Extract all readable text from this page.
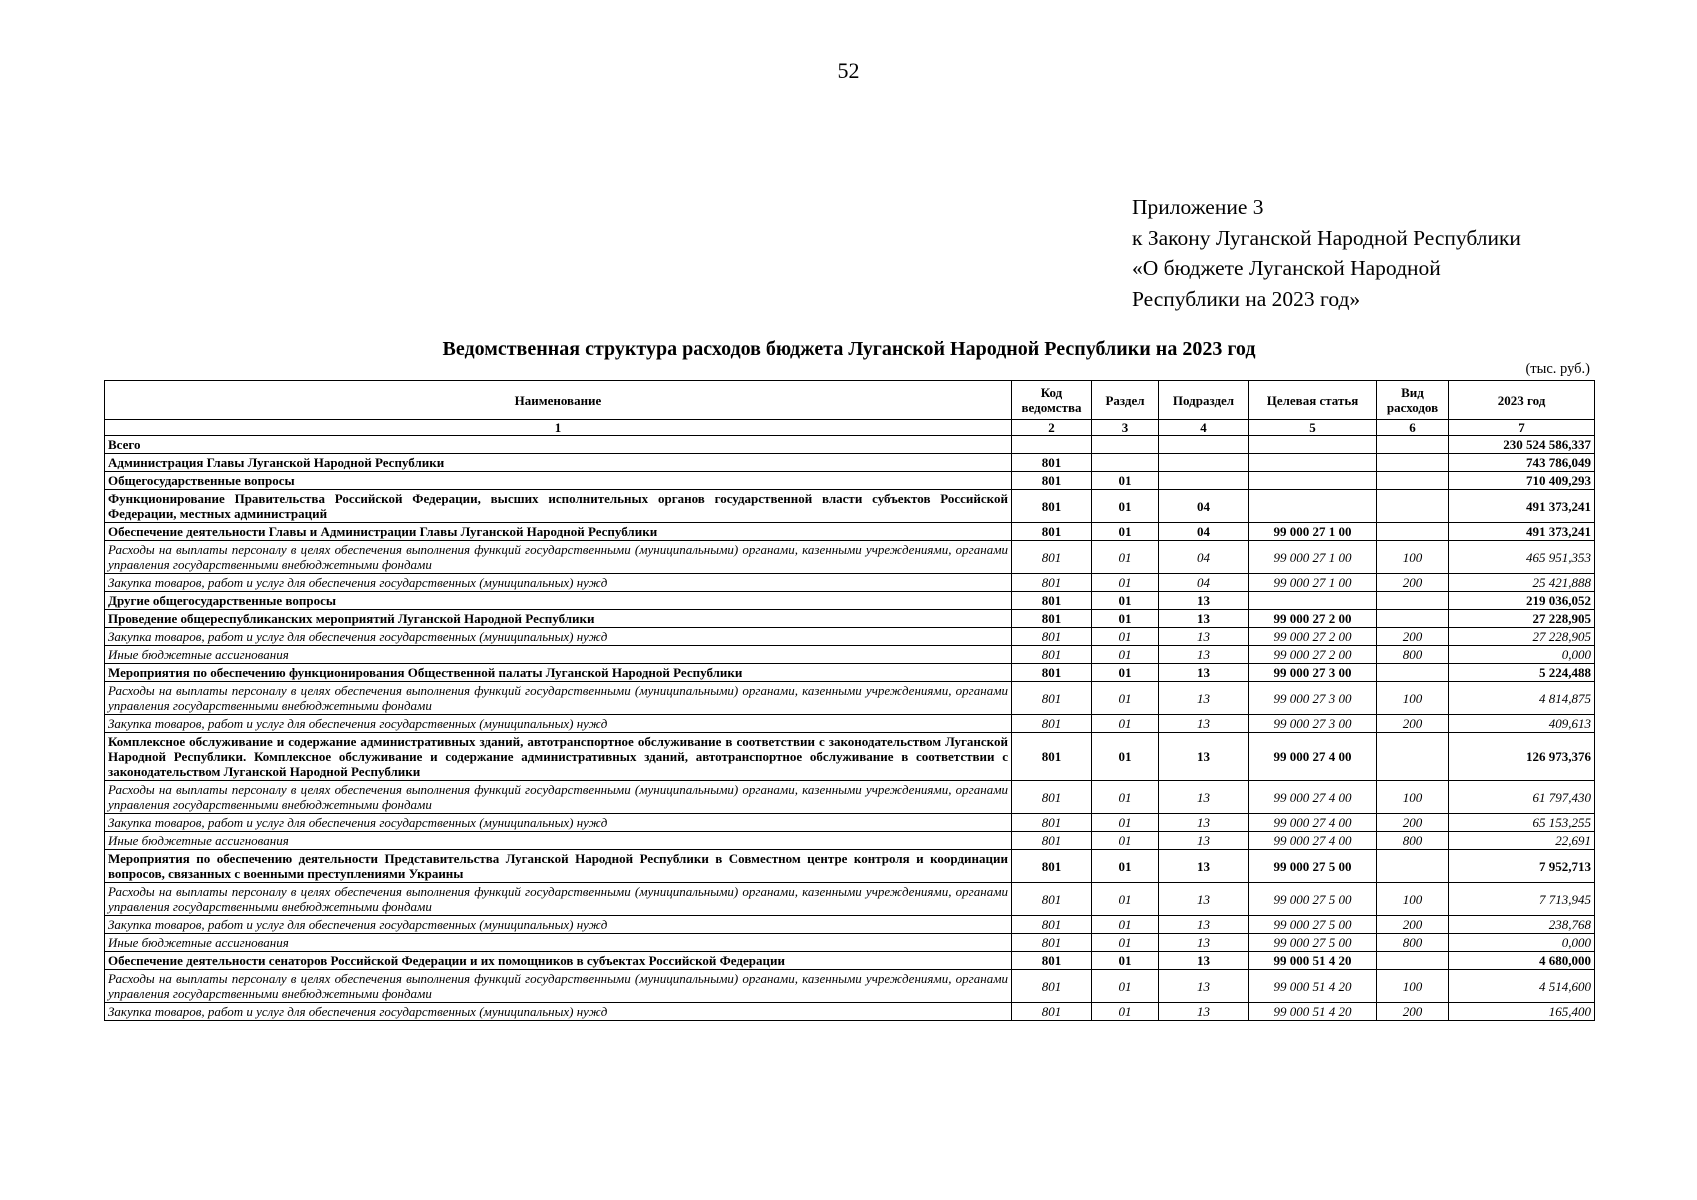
52
Приложение 3
к Закону Луганской Народной Республики
«О бюджете Луганской Народной
Республики на 2023 год»
Ведомственная структура расходов бюджета Луганской Народной Республики на 2023 год
(тыс. руб.)
Наименование	Код ведомства	Раздел	Подраздел	Целевая статья	Вид расходов	2023 год
1	2	3	4	5	6	7
Всего						230 524 586,337
Администрация Главы Луганской Народной Республики	801					743 786,049
Общегосударственные вопросы	801	01				710 409,293
Функционирование Правительства Российской Федерации, высших исполнительных органов государственной власти субъектов Российской Федерации, местных администраций	801	01	04			491 373,241
Обеспечение деятельности Главы и Администрации Главы Луганской Народной Республики	801	01	04	99 000 27 1 00		491 373,241
Расходы на выплаты персоналу в целях обеспечения выполнения функций государственными (муниципальными) органами, казенными учреждениями, органами управления государственными внебюджетными фондами	801	01	04	99 000 27 1 00	100	465 951,353
Закупка товаров, работ и услуг для обеспечения государственных (муниципальных) нужд	801	01	04	99 000 27 1 00	200	25 421,888
Другие общегосударственные вопросы	801	01	13			219 036,052
Проведение общереспубликанских мероприятий Луганской Народной Республики	801	01	13	99 000 27 2 00		27 228,905
Закупка товаров, работ и услуг для обеспечения государственных (муниципальных) нужд	801	01	13	99 000 27 2 00	200	27 228,905
Иные бюджетные ассигнования	801	01	13	99 000 27 2 00	800	0,000
Мероприятия по обеспечению функционирования Общественной палаты Луганской Народной Республики	801	01	13	99 000 27 3 00		5 224,488
Расходы на выплаты персоналу в целях обеспечения выполнения функций государственными (муниципальными) органами, казенными учреждениями, органами управления государственными внебюджетными фондами	801	01	13	99 000 27 3 00	100	4 814,875
Закупка товаров, работ и услуг для обеспечения государственных (муниципальных) нужд	801	01	13	99 000 27 3 00	200	409,613
Комплексное обслуживание и содержание административных зданий, автотранспортное обслуживание в соответствии с законодательством Луганской Народной Республики. Комплексное обслуживание и содержание административных зданий, автотранспортное обслуживание в соответствии с законодательством Луганской Народной Республики	801	01	13	99 000 27 4 00		126 973,376
Расходы на выплаты персоналу в целях обеспечения выполнения функций государственными (муниципальными) органами, казенными учреждениями, органами управления государственными внебюджетными фондами	801	01	13	99 000 27 4 00	100	61 797,430
Закупка товаров, работ и услуг для обеспечения государственных (муниципальных) нужд	801	01	13	99 000 27 4 00	200	65 153,255
Иные бюджетные ассигнования	801	01	13	99 000 27 4 00	800	22,691
Мероприятия по обеспечению деятельности Представительства Луганской Народной Республики в Совместном центре контроля и координации вопросов, связанных с военными преступлениями Украины	801	01	13	99 000 27 5 00		7 952,713
Расходы на выплаты персоналу в целях обеспечения выполнения функций государственными (муниципальными) органами, казенными учреждениями, органами управления государственными внебюджетными фондами	801	01	13	99 000 27 5 00	100	7 713,945
Закупка товаров, работ и услуг для обеспечения государственных (муниципальных) нужд	801	01	13	99 000 27 5 00	200	238,768
Иные бюджетные ассигнования	801	01	13	99 000 27 5 00	800	0,000
Обеспечение деятельности сенаторов Российской Федерации и их помощников в субъектах Российской Федерации	801	01	13	99 000 51 4 20		4 680,000
Расходы на выплаты персоналу в целях обеспечения выполнения функций государственными (муниципальными) органами, казенными учреждениями, органами управления государственными внебюджетными фондами	801	01	13	99 000 51 4 20	100	4 514,600
Закупка товаров, работ и услуг для обеспечения государственных (муниципальных) нужд	801	01	13	99 000 51 4 20	200	165,400
